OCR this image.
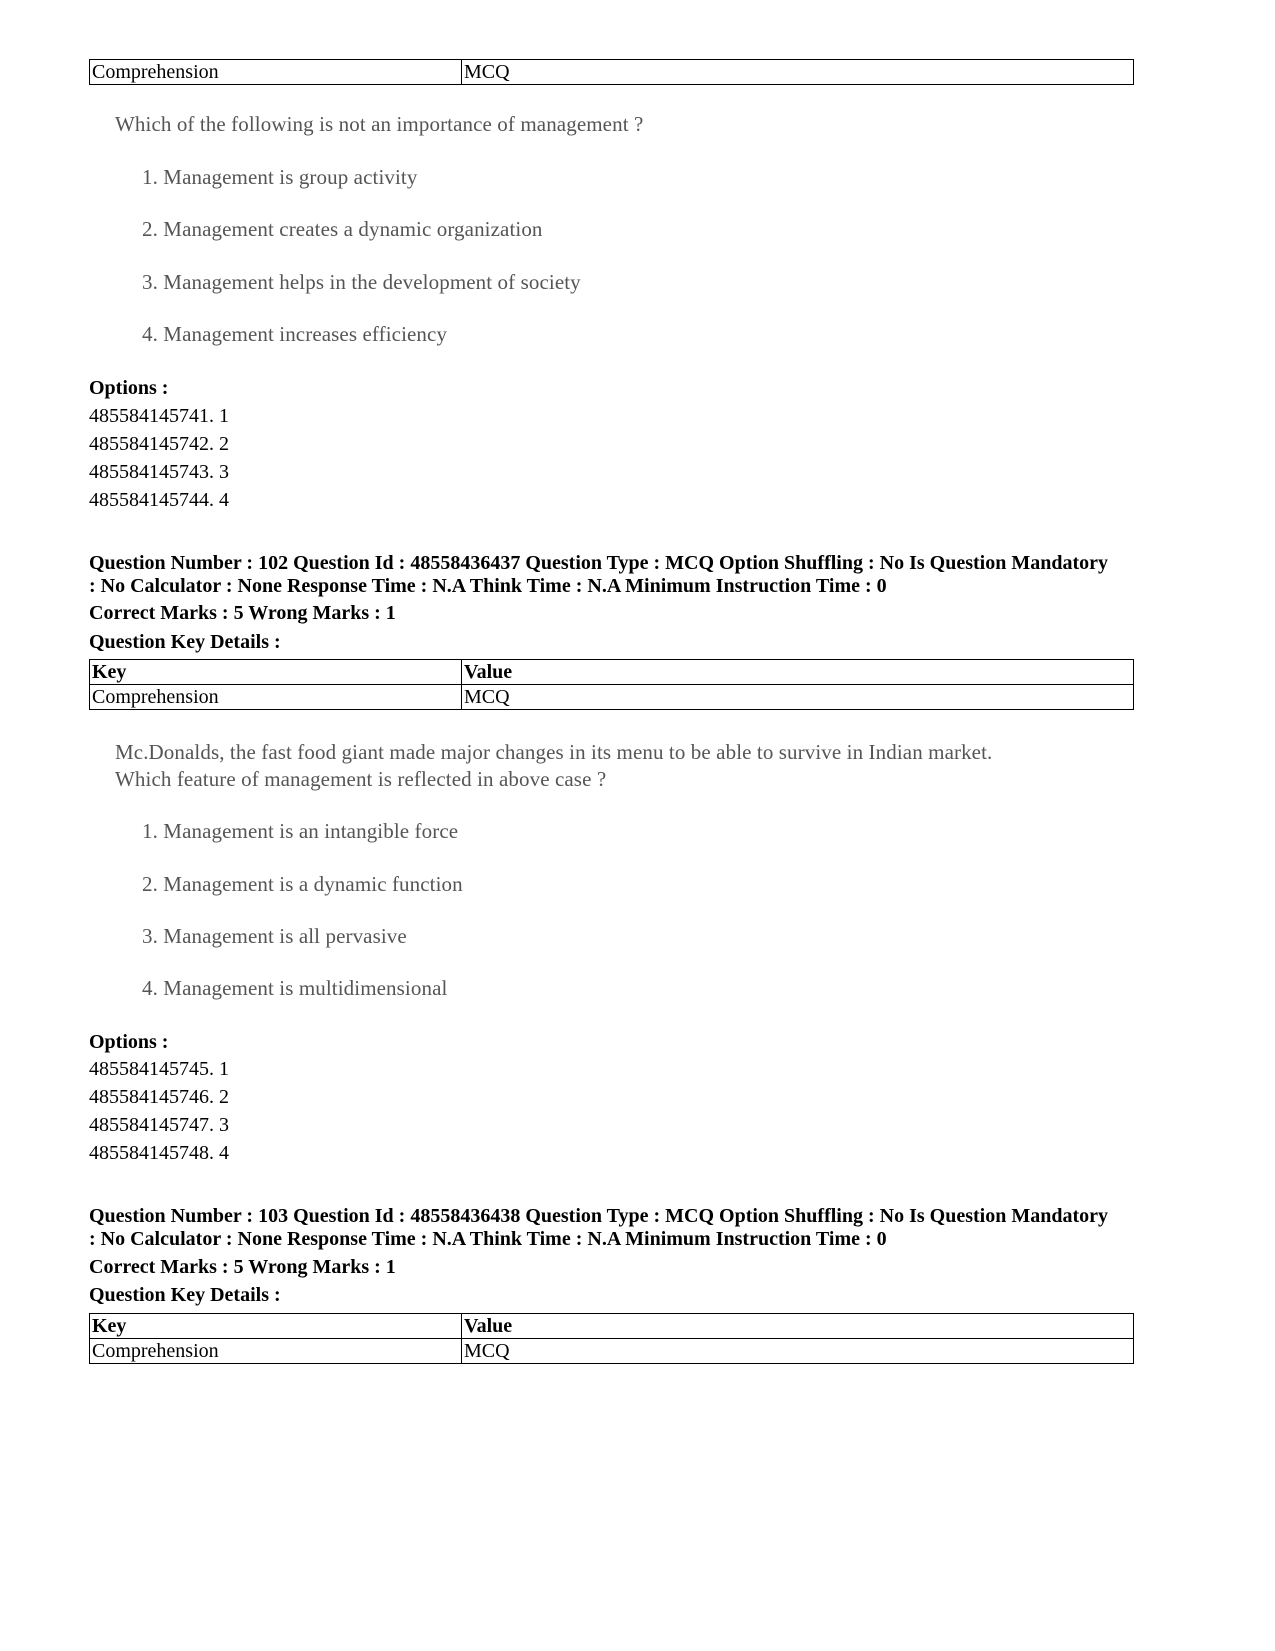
Comprehension	MCQ
Which of the following is not an importance of management ?
1. Management is group activity
2. Management creates a dynamic organization
3. Management helps in the development of society
4. Management increases efficiency
Options :
485584145741. 1
485584145742. 2
485584145743. 3
485584145744. 4
Question Number : 102 Question Id : 48558436437 Question Type : MCQ Option Shuffling : No Is Question Mandatory
: No Calculator : None Response Time : N.A Think Time : N.A Minimum Instruction Time : 0
Correct Marks : 5 Wrong Marks : 1
Question Key Details :
Key	Value
Comprehension	MCQ
Mc.Donalds, the fast food giant made major changes in its menu to be able to survive in Indian market.
Which feature of management is reflected in above case ?
1. Management is an intangible force
2. Management is a dynamic function
3. Management is all pervasive
4. Management is multidimensional
Options :
485584145745. 1
485584145746. 2
485584145747. 3
485584145748. 4
Question Number : 103 Question Id : 48558436438 Question Type : MCQ Option Shuffling : No Is Question Mandatory
: No Calculator : None Response Time : N.A Think Time : N.A Minimum Instruction Time : 0
Correct Marks : 5 Wrong Marks : 1
Question Key Details :
Key	Value
Comprehension	MCQ
